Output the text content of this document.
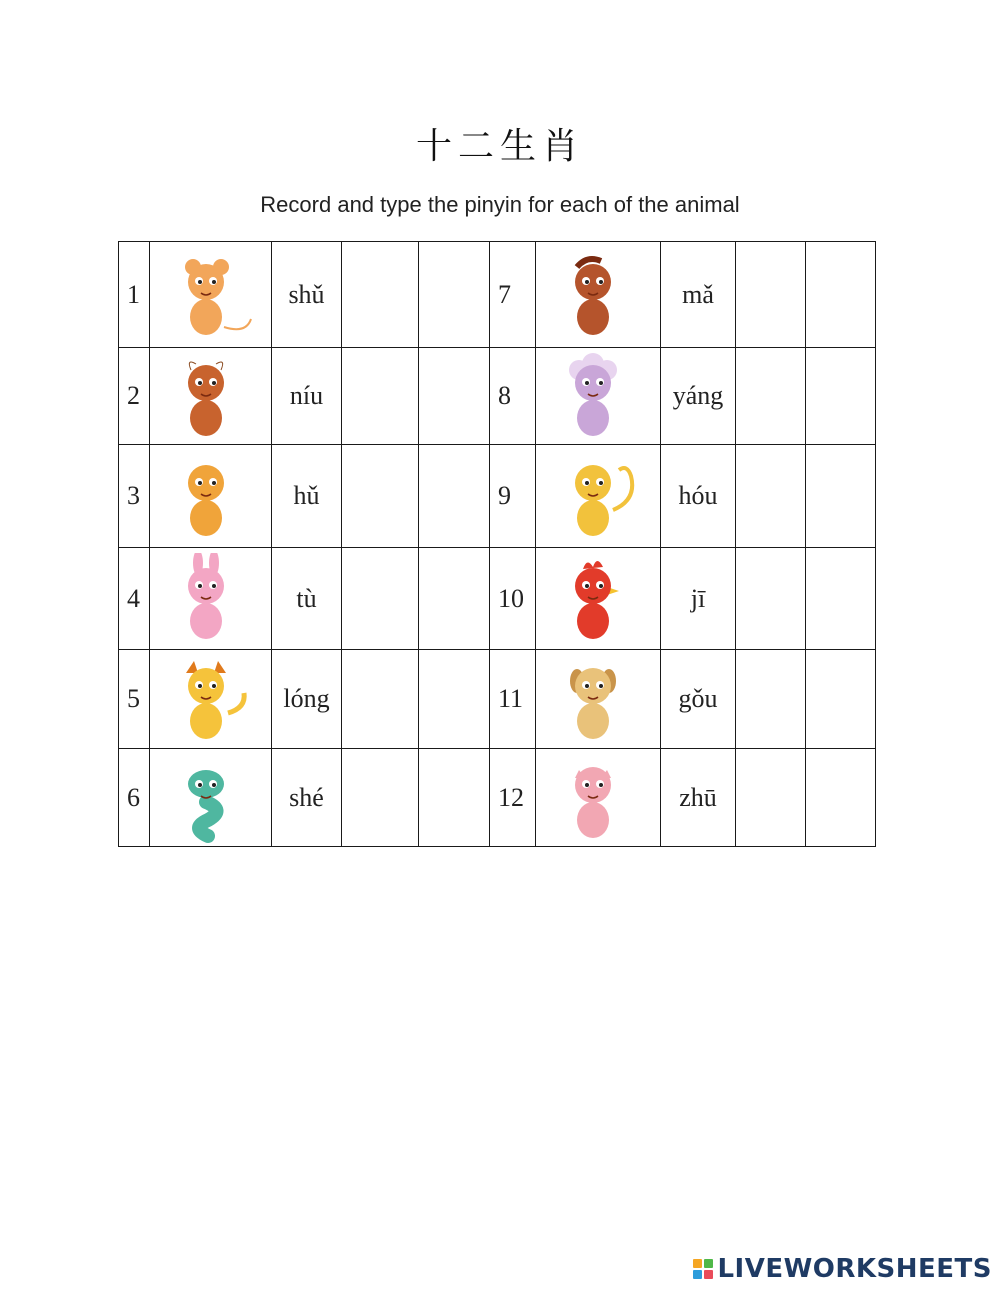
十二生肖
Record and type the pinyin for each of the animal
1		shǔ			7		mǎ		
2		níu			8		yáng		
3		hǔ			9		hóu		
4		tù			10		jī		
5		lóng			11		gǒu		
6		shé			12		zhū		
LIVEWORKSHEETS
